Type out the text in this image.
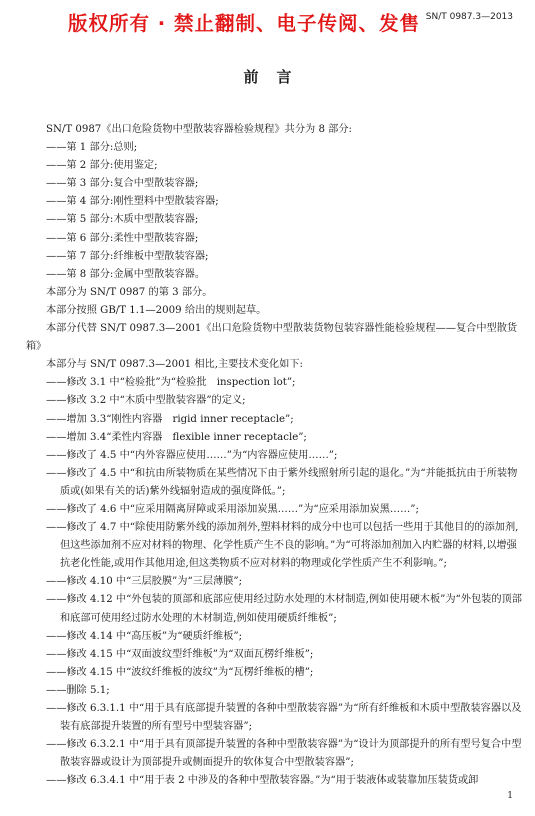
版权所有 · 禁止翻制、电子传阅、发售 SN/T 0987.3—2013
前言

SN/T 0987《出口危险货物中型散装容器检验规程》共分为 8 部分:

——第 1 部分:总则;

——第 2 部分:使用鉴定;

——第 3 部分:复合中型散装容器;

——第 4 部分:刚性塑料中型散装容器;

——第 5 部分:木质中型散装容器;

——第 6 部分:柔性中型散装容器;

——第 7 部分:纤维板中型散装容器;

——第 8 部分:金属中型散装容器。

本部分为 SN/T 0987 的第 3 部分。

本部分按照 GB/T 1.1—2009 给出的规则起草。

本部分代替 SN/T 0987.3—2001《出口危险货物中型散装货物包装容器性能检验规程——复合中型散货箱》

本部分与 SN/T 0987.3—2001 相比,主要技术变化如下:

——修改 3.1 中“检验批”为“检验批　inspection lot”;

——修改 3.2 中“木质中型散装容器”的定义;

——增加 3.3“刚性内容器　rigid inner receptacle”;

——增加 3.4“柔性内容器　flexible inner receptacle”;

——修改了 4.5 中“内外容器应使用……”为“内容器应使用……”;

——修改了 4.5 中“和抗由所装物质在某些情况下由于紫外线照射所引起的退化。”为“并能抵抗由于所装物质或(如果有关的话)紫外线辐射造成的强度降低。”;

——修改了 4.6 中“应采用隔离屏障或采用添加炭黑……”为“应采用添加炭黑……”;

——修改了 4.7 中“除使用防紫外线的添加剂外,塑料材料的成分中也可以包括一些用于其他目的的添加剂,但这些添加剂不应对材料的物理、化学性质产生不良的影响。”为“可将添加剂加入内贮器的材料,以增强抗老化性能,或用作其他用途,但这类物质不应对材料的物理或化学性质产生不利影响。”;

——修改 4.10 中“三层胶膜”为“三层薄膜”;

——修改 4.12 中“外包装的顶部和底部应使用经过防水处理的木材制造,例如使用硬木板”为“外包装的顶部和底部可使用经过防水处理的木材制造,例如使用硬质纤维板”;

——修改 4.14 中“高压板”为“硬质纤维板”;

——修改 4.15 中“双面波纹型纤维板”为“双面瓦楞纤维板”;

——修改 4.15 中“波纹纤维板的波纹”为“瓦楞纤维板的槽”;

——删除 5.1;

——修改 6.3.1.1 中“用于具有底部提升装置的各种中型散装容器”为“所有纤维板和木质中型散装容器以及装有底部提升装置的所有型号中型装容器”;

——修改 6.3.2.1 中“用于具有顶部提升装置的各种中型散装容器”为“设计为顶部提升的所有型号复合中型散装容器或设计为顶部提升或侧面提升的软体复合中型散装容器”;

——修改 6.3.4.1 中“用于表 2 中涉及的各种中型散装容器。”为“用于装液体或装靠加压装货或卸

1
